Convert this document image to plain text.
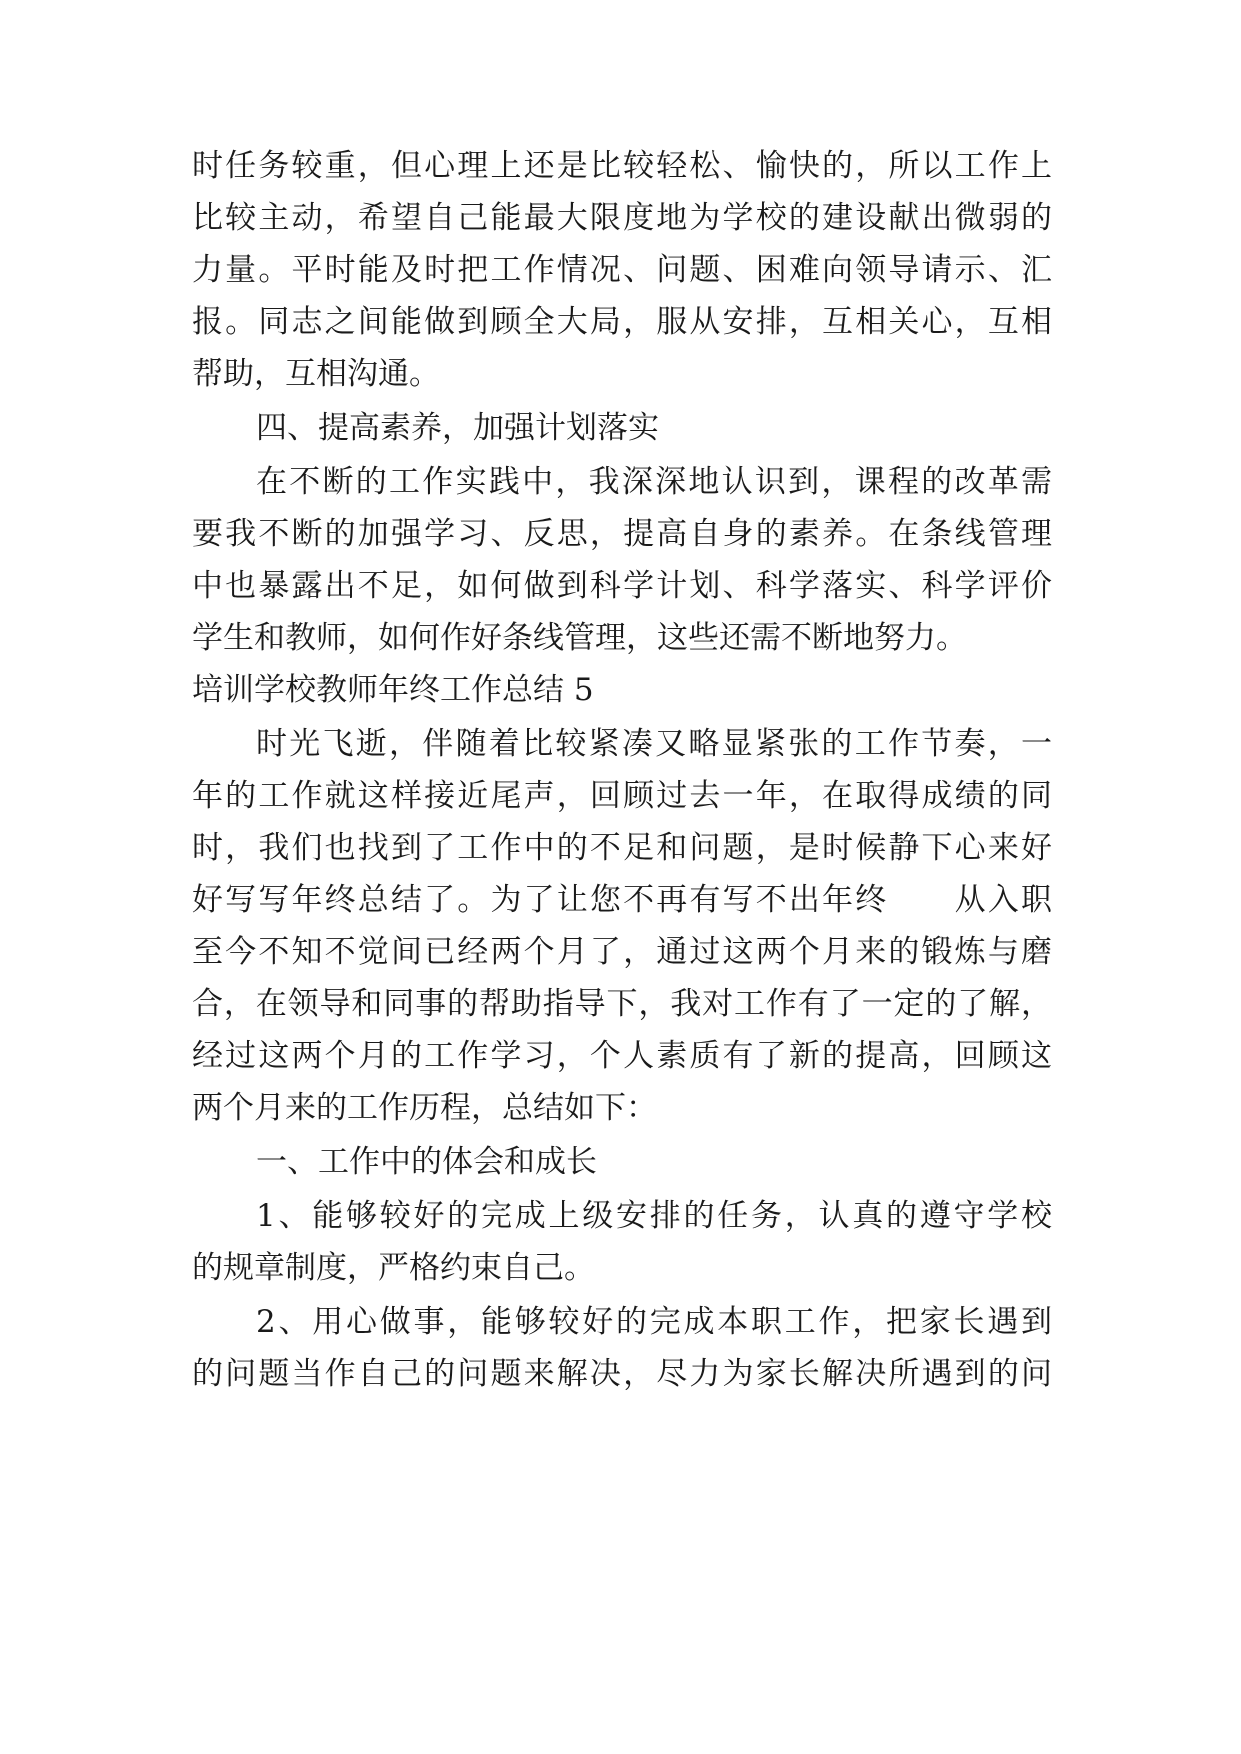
时任务较重，但心理上还是比较轻松、愉快的，所以工作上
比较主动，希望自己能最大限度地为学校的建设献出微弱的
力量。平时能及时把工作情况、问题、困难向领导请示、汇
报。同志之间能做到顾全大局，服从安排，互相关心，互相
帮助，互相沟通。
四、提高素养，加强计划落实
在不断的工作实践中，我深深地认识到，课程的改革需
要我不断的加强学习、反思，提高自身的素养。在条线管理
中也暴露出不足，如何做到科学计划、科学落实、科学评价
学生和教师，如何作好条线管理，这些还需不断地努力。
培训学校教师年终工作总结 5
时光飞逝，伴随着比较紧凑又略显紧张的工作节奏，一
年的工作就这样接近尾声，回顾过去一年，在取得成绩的同
时，我们也找到了工作中的不足和问题，是时候静下心来好
好写写年终总结了。为了让您不再有写不出年终　　从入职
至今不知不觉间已经两个月了，通过这两个月来的锻炼与磨
合，在领导和同事的帮助指导下，我对工作有了一定的了解，
经过这两个月的工作学习，个人素质有了新的提高，回顾这
两个月来的工作历程，总结如下：
一、工作中的体会和成长
1、能够较好的完成上级安排的任务，认真的遵守学校
的规章制度，严格约束自己。
2、用心做事，能够较好的完成本职工作，把家长遇到
的问题当作自己的问题来解决，尽力为家长解决所遇到的问
